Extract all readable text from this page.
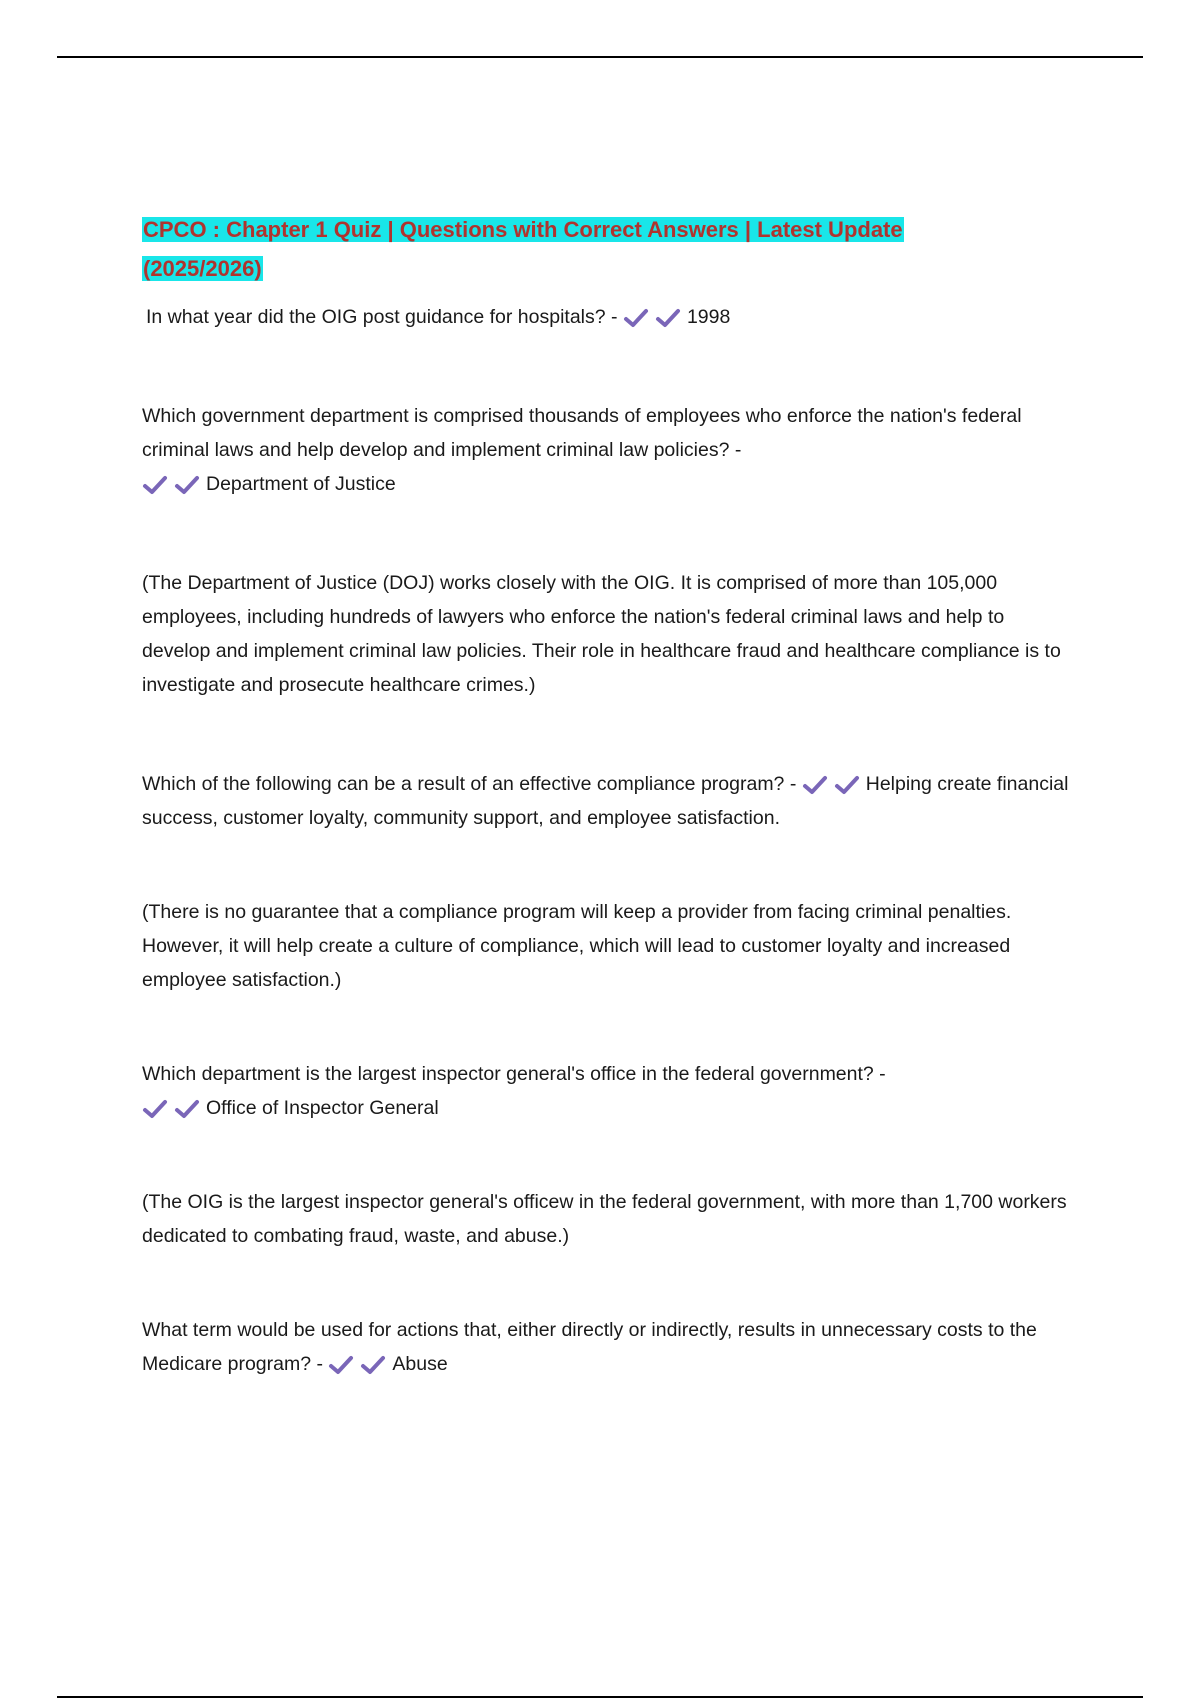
CPCO : Chapter 1 Quiz | Questions with Correct Answers | Latest Update
(2025/2026)

In what year did the OIG post guidance for hospitals? -	1998

Which government department is comprised thousands of employees who enforce the nation's federal criminal laws and help develop and implement criminal law policies? -

Department of Justice

(The Department of Justice (DOJ) works closely with the OIG. It is comprised of more than 105,000 employees, including hundreds of lawyers who enforce the nation's federal criminal laws and help to develop and implement criminal law policies. Their role in healthcare fraud and healthcare compliance is to investigate and prosecute healthcare crimes.)

Which of the following can be a result of an effective compliance program? -	Helping create financial success, customer loyalty, community support, and employee satisfaction.

(There is no guarantee that a compliance program will keep a provider from facing criminal penalties. However, it will help create a culture of compliance, which will lead to customer loyalty and increased employee satisfaction.)

Which department is the largest inspector general's office in the federal government? -

Office of Inspector General

(The OIG is the largest inspector general's officew in the federal government, with more than 1,700 workers dedicated to combating fraud, waste, and abuse.)

What term would be used for actions that, either directly or indirectly, results in unnecessary costs to the Medicare program? -	Abuse
